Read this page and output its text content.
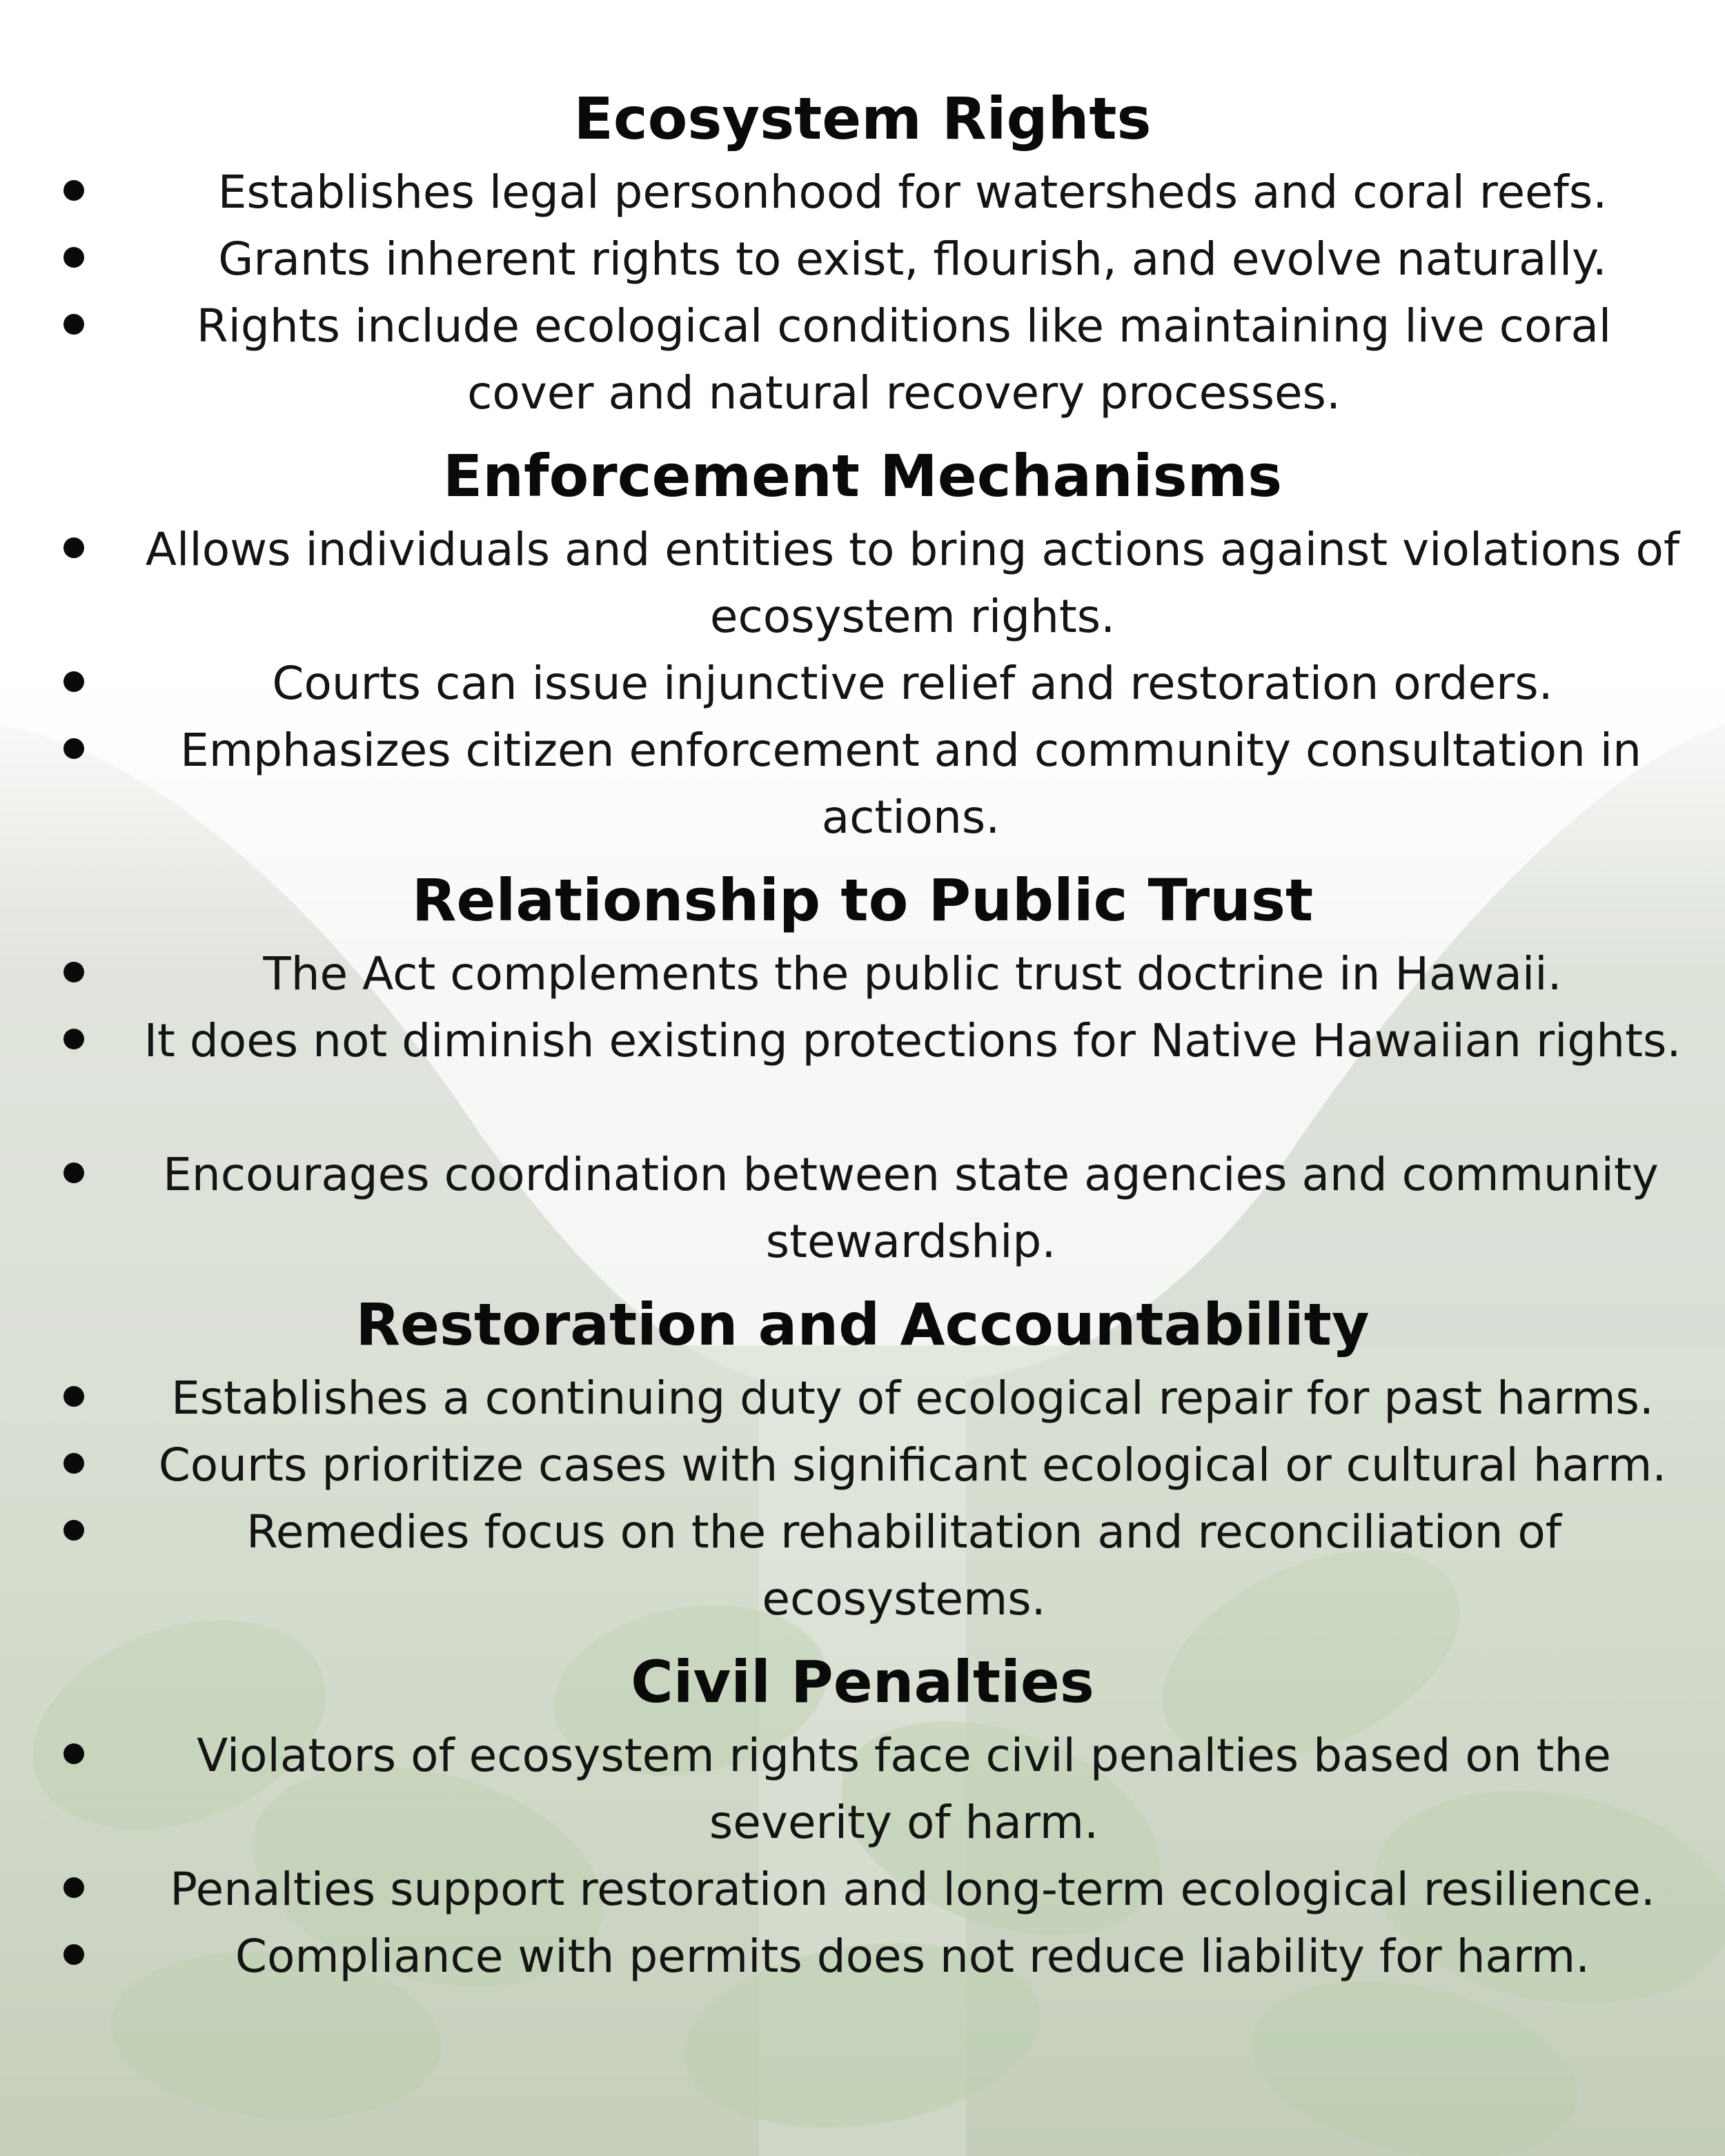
Ecosystem Rights
Establishes legal personhood for watersheds and coral reefs.
Grants inherent rights to exist, flourish, and evolve naturally.
Rights include ecological conditions like maintaining live coral cover and natural recovery processes.
Enforcement Mechanisms
Allows individuals and entities to bring actions against violations of ecosystem rights.
Courts can issue injunctive relief and restoration orders.
Emphasizes citizen enforcement and community consultation in actions.
Relationship to Public Trust
The Act complements the public trust doctrine in Hawaii.
It does not diminish existing protections for Native Hawaiian rights.
Encourages coordination between state agencies and community stewardship.
Restoration and Accountability
Establishes a continuing duty of ecological repair for past harms.
Courts prioritize cases with significant ecological or cultural harm.
Remedies focus on the rehabilitation and reconciliation of ecosystems.
Civil Penalties
Violators of ecosystem rights face civil penalties based on the severity of harm.
Penalties support restoration and long-term ecological resilience.
Compliance with permits does not reduce liability for harm.
